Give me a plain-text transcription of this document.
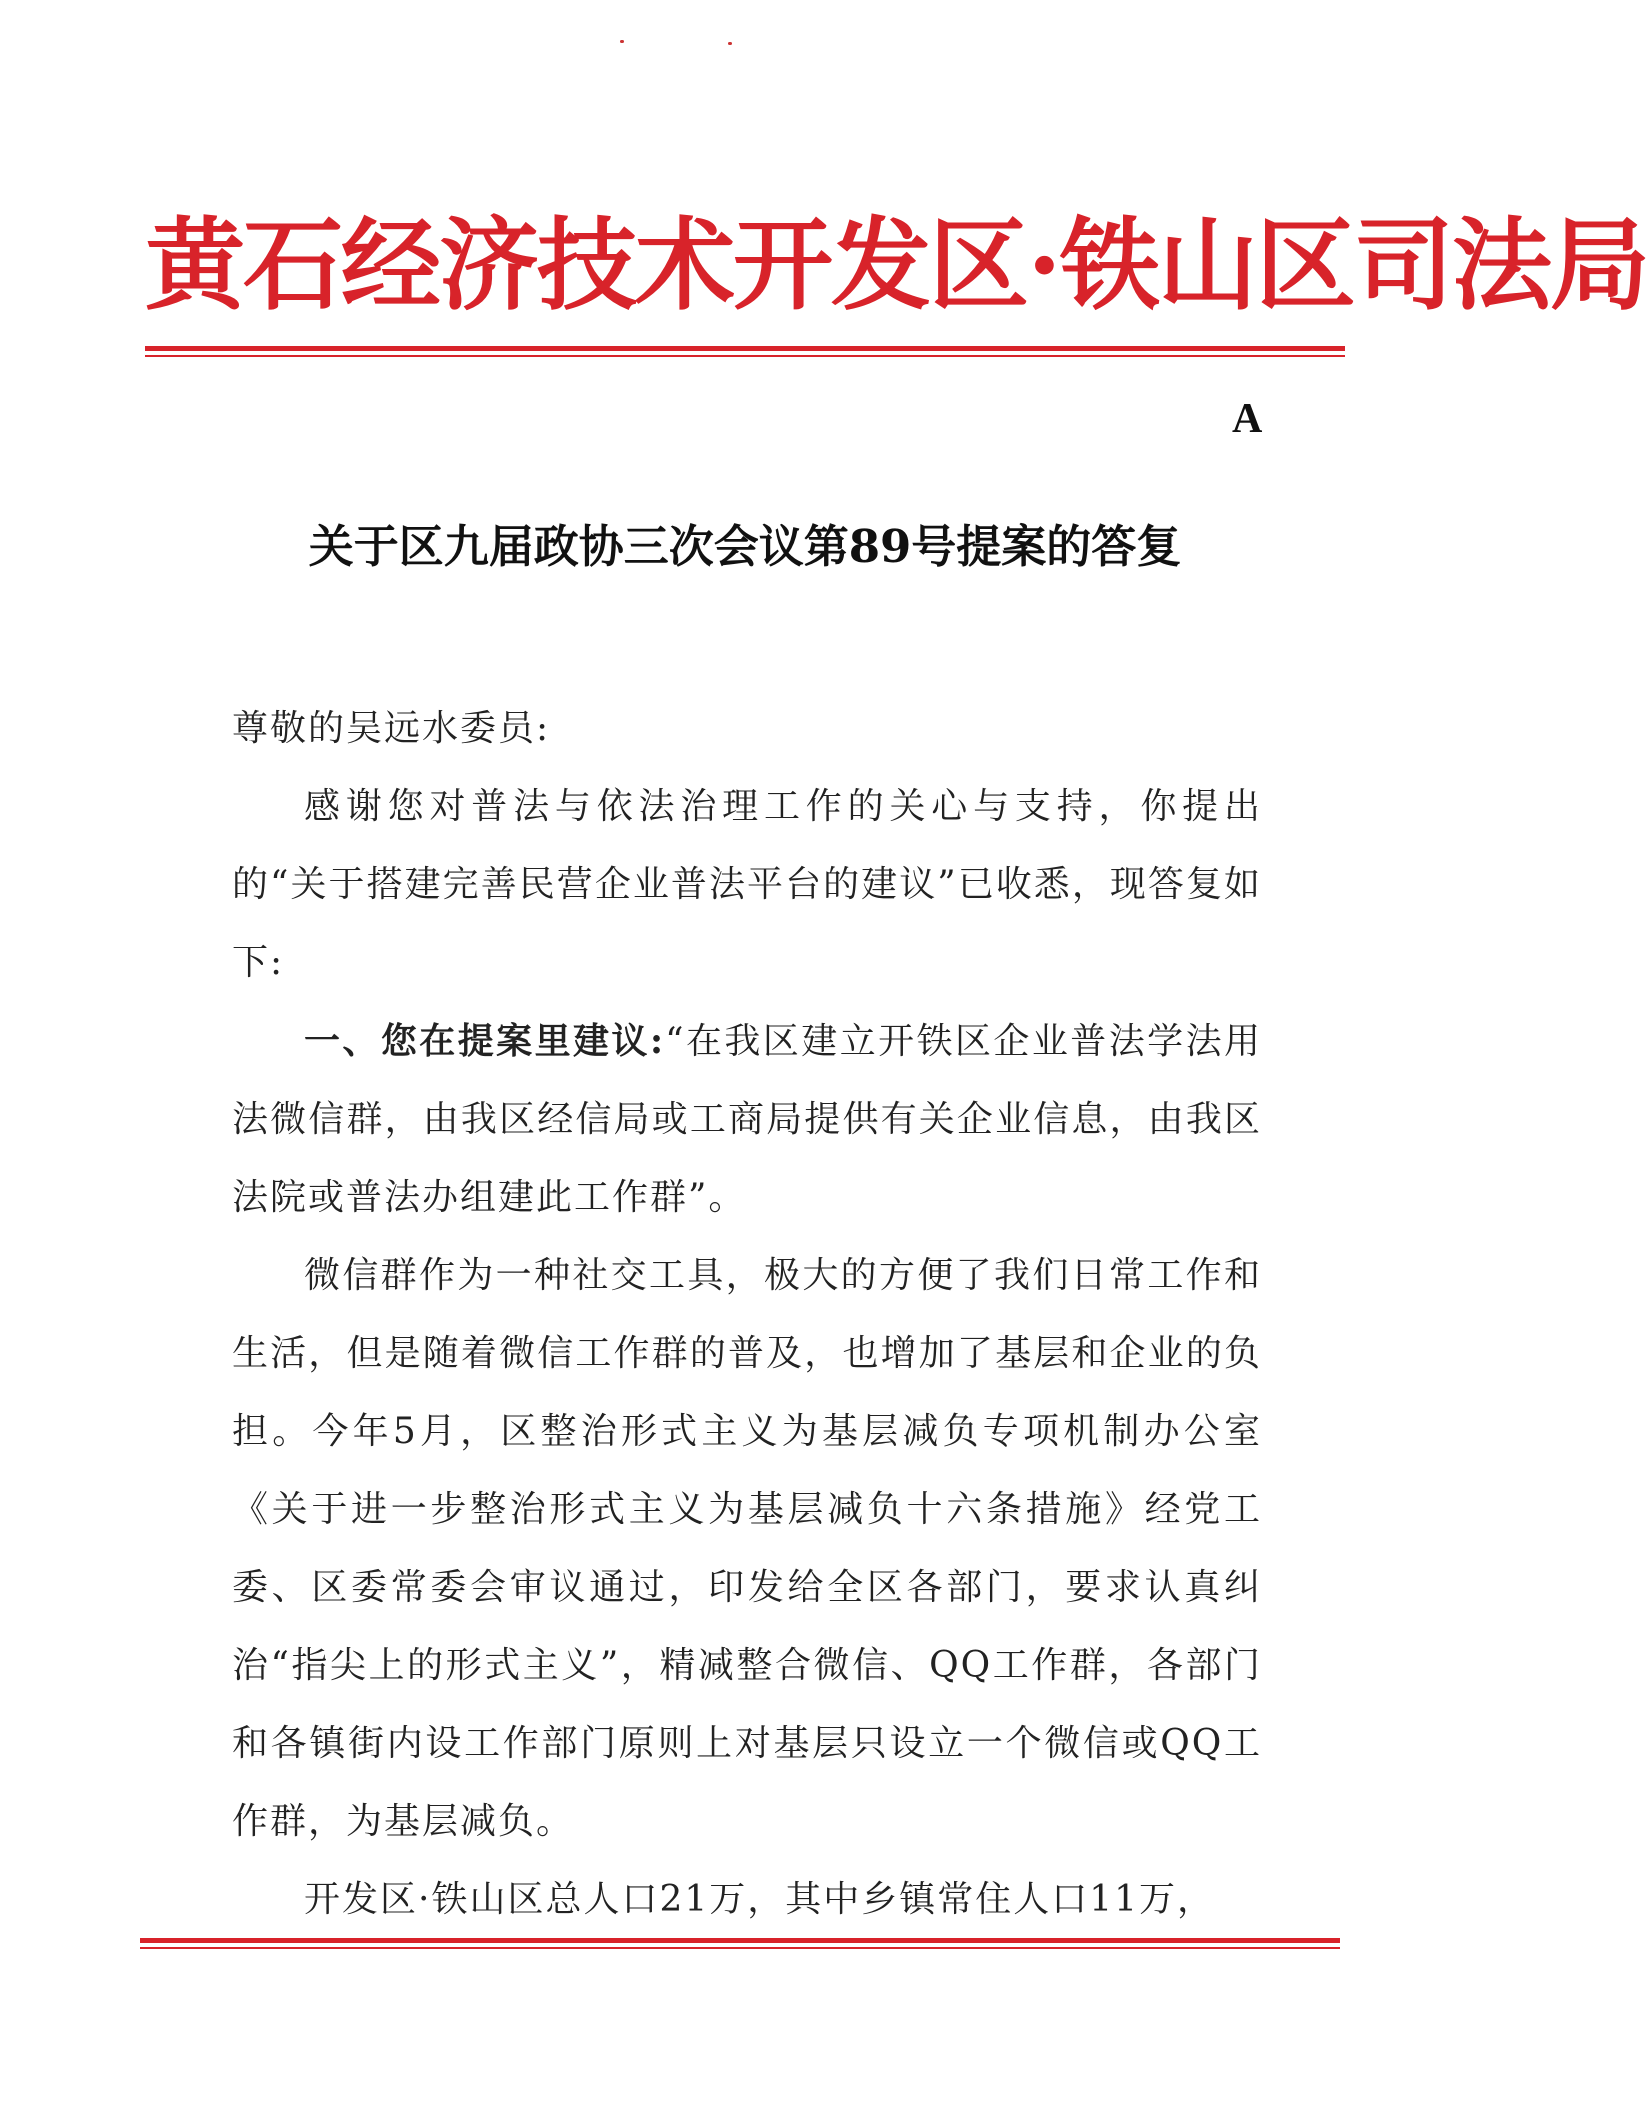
黄石经济技术开发区·铁山区司法局
A
关于区九届政协三次会议第89号提案的答复

尊敬的吴远水委员:

感谢您对普法与依法治理工作的关心与支持，你提出的“关于搭建完善民营企业普法平台的建议”已收悉，现答复如下:

一、您在提案里建议:“在我区建立开铁区企业普法学法用法微信群，由我区经信局或工商局提供有关企业信息，由我区法院或普法办组建此工作群”。

微信群作为一种社交工具，极大的方便了我们日常工作和生活，但是随着微信工作群的普及，也增加了基层和企业的负担。今年5月，区整治形式主义为基层减负专项机制办公室《关于进一步整治形式主义为基层减负十六条措施》经党工委、区委常委会审议通过，印发给全区各部门，要求认真纠治“指尖上的形式主义”，精减整合微信、QQ工作群，各部门和各镇街内设工作部门原则上对基层只设立一个微信或QQ工作群，为基层减负。

开发区·铁山区总人口21万，其中乡镇常住人口11万，
